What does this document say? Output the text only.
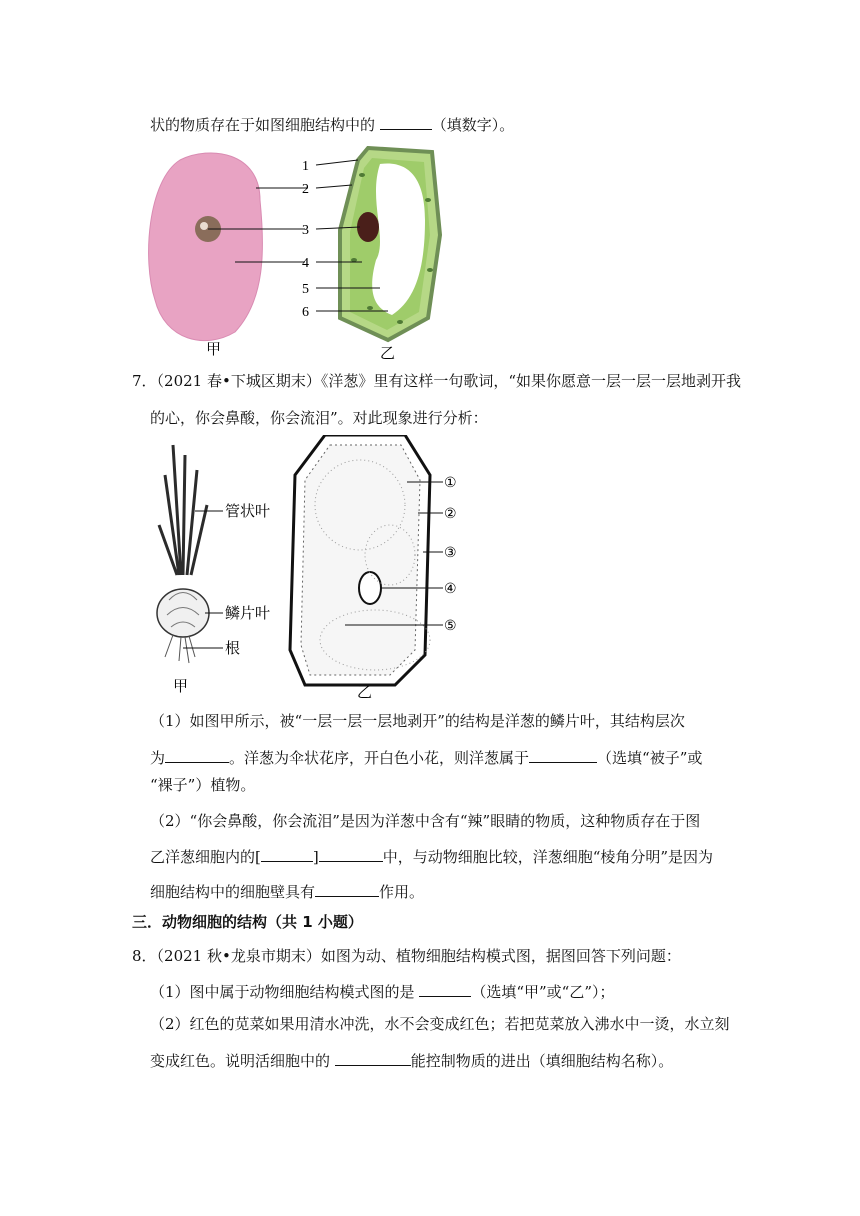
状的物质存在于如图细胞结构中的	（填数字）。
1
2
3
4
5
6
甲	乙
7．（2021 春•下城区期末）《洋葱》里有这样一句歌词，“如果你愿意一层一层一层地剥开我
的心，你会鼻酸，你会流泪”。对此现象进行分析：
管状叶
鳞片叶
根
①
②
③
④
⑤
甲	乙
（1）如图甲所示，被“一层一层一层地剥开”的结构是洋葱的鳞片叶，其结构层次
为	。洋葱为伞状花序，开白色小花，则洋葱属于	（选填“被子”或
“裸子”）植物。
（2）“你会鼻酸，你会流泪”是因为洋葱中含有“辣”眼睛的物质，这种物质存在于图
乙洋葱细胞内的[	]	中，与动物细胞比较，洋葱细胞“棱角分明”是因为
细胞结构中的细胞壁具有	作用。
三．动物细胞的结构（共 1 小题）
8．（2021 秋•龙泉市期末）如图为动、植物细胞结构模式图，据图回答下列问题：
（1）图中属于动物细胞结构模式图的是	（选填“甲”或“乙”）；
（2）红色的苋菜如果用清水冲洗，水不会变成红色；若把苋菜放入沸水中一烫，水立刻
变成红色。说明活细胞中的	能控制物质的进出（填细胞结构名称）。
